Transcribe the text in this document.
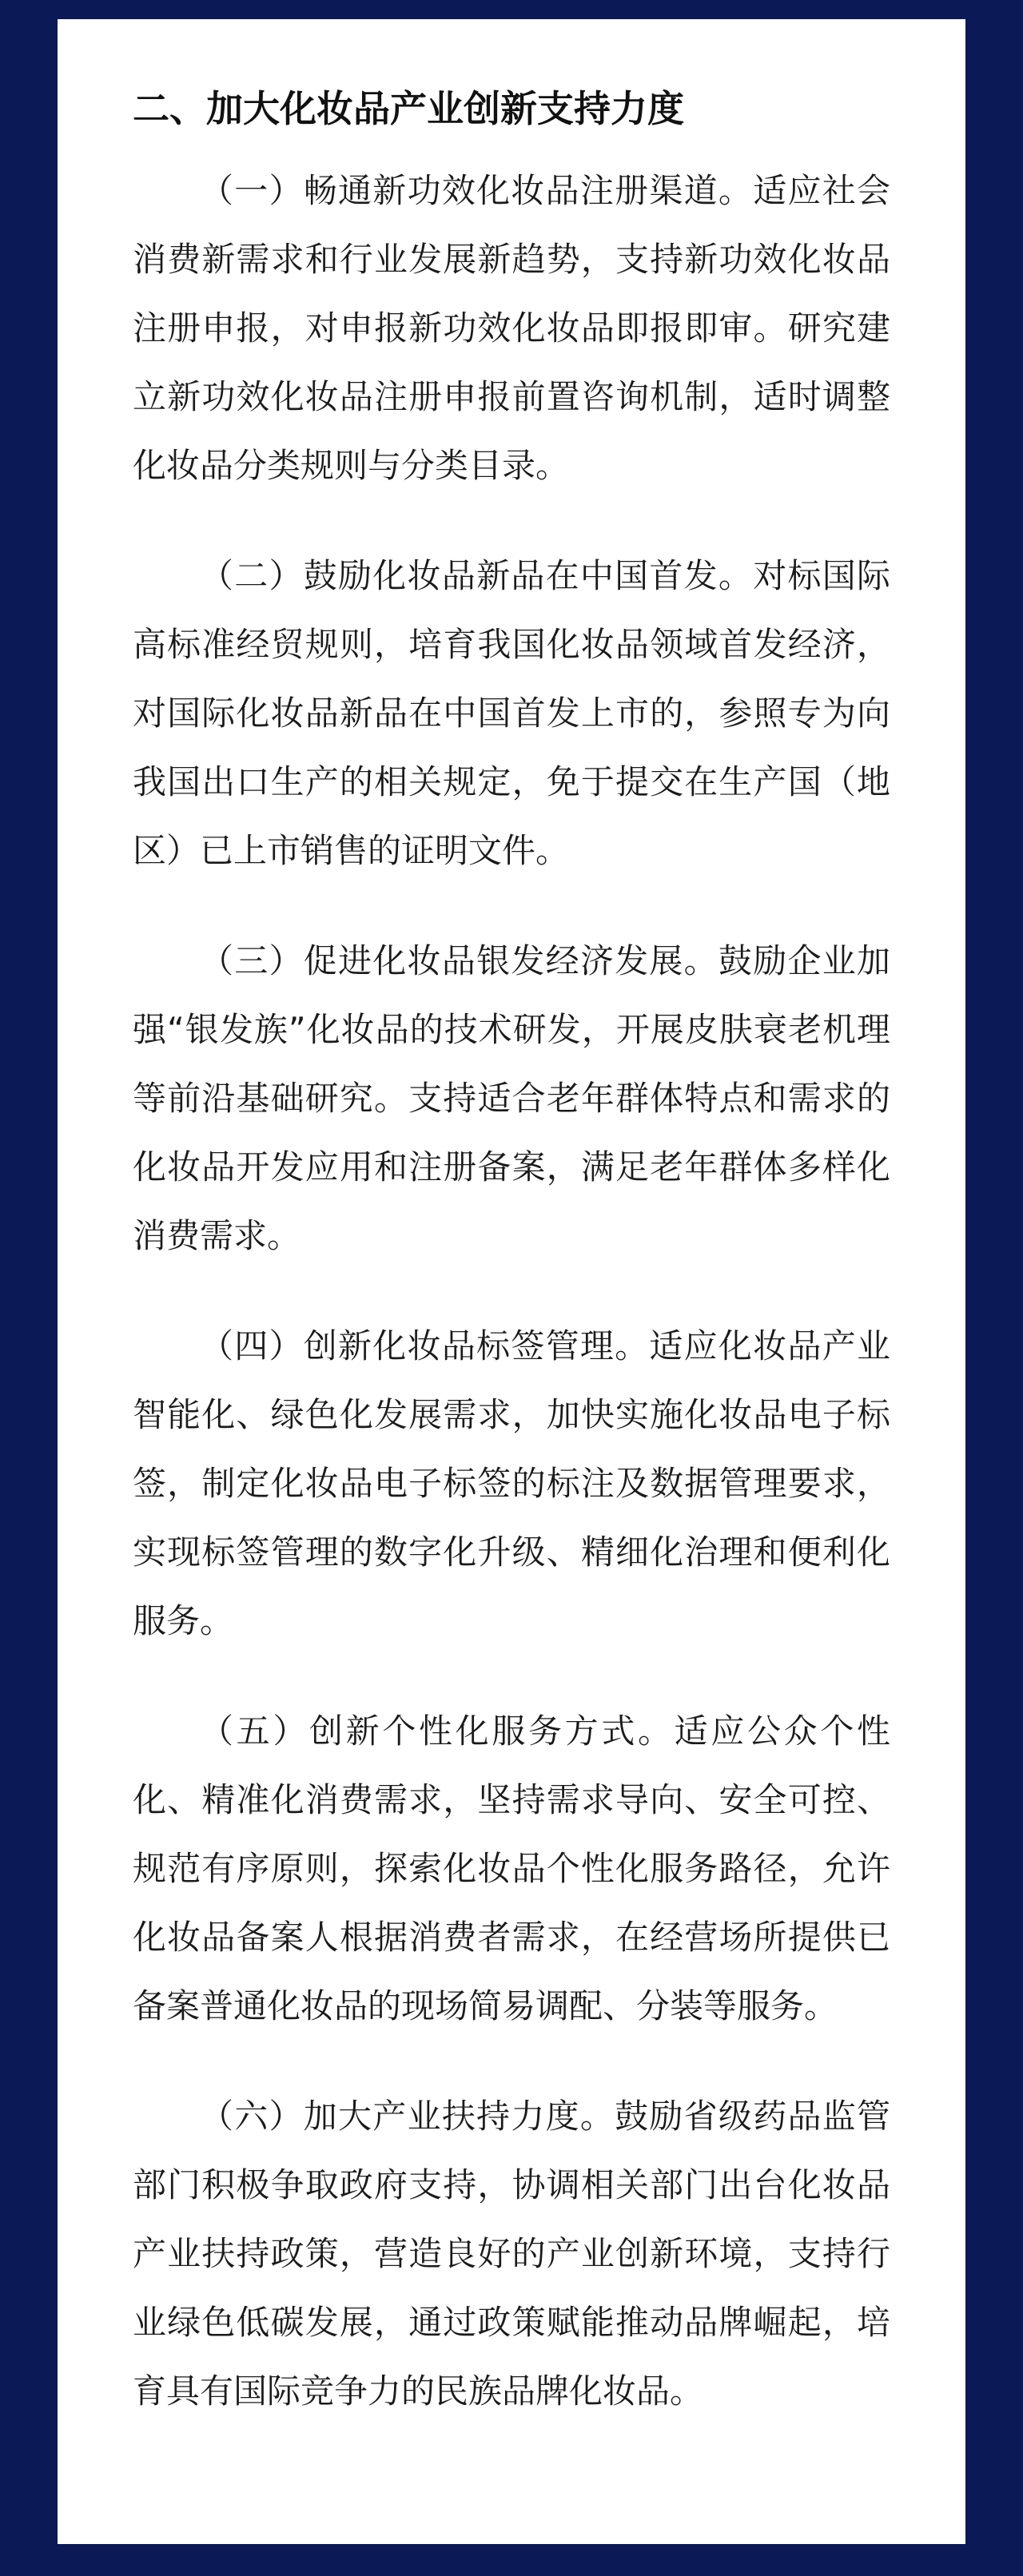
二、加大化妆品产业创新支持力度

（一）畅通新功效化妆品注册渠道。适应社会消费新需求和行业发展新趋势，支持新功效化妆品注册申报，对申报新功效化妆品即报即审。研究建立新功效化妆品注册申报前置咨询机制，适时调整化妆品分类规则与分类目录。

（二）鼓励化妆品新品在中国首发。对标国际高标准经贸规则，培育我国化妆品领域首发经济，对国际化妆品新品在中国首发上市的，参照专为向我国出口生产的相关规定，免于提交在生产国（地区）已上市销售的证明文件。

（三）促进化妆品银发经济发展。鼓励企业加强“银发族”化妆品的技术研发，开展皮肤衰老机理等前沿基础研究。支持适合老年群体特点和需求的化妆品开发应用和注册备案，满足老年群体多样化消费需求。

（四）创新化妆品标签管理。适应化妆品产业智能化、绿色化发展需求，加快实施化妆品电子标签，制定化妆品电子标签的标注及数据管理要求，实现标签管理的数字化升级、精细化治理和便利化服务。

（五）创新个性化服务方式。适应公众个性化、精准化消费需求，坚持需求导向、安全可控、规范有序原则，探索化妆品个性化服务路径，允许化妆品备案人根据消费者需求，在经营场所提供已备案普通化妆品的现场简易调配、分装等服务。

（六）加大产业扶持力度。鼓励省级药品监管部门积极争取政府支持，协调相关部门出台化妆品产业扶持政策，营造良好的产业创新环境，支持行业绿色低碳发展，通过政策赋能推动品牌崛起，培育具有国际竞争力的民族品牌化妆品。
